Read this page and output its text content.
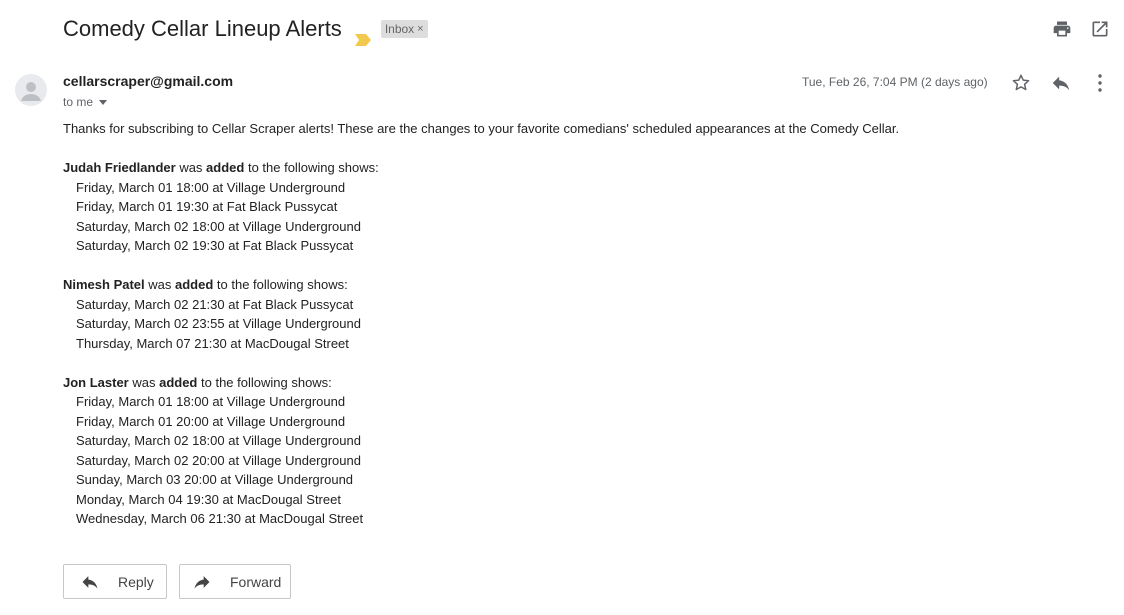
Comedy Cellar Lineup Alerts	Inbox ×
cellarscraper@gmail.com
to me
Tue, Feb 26, 7:04 PM (2 days ago)

Thanks for subscribing to Cellar Scraper alerts! These are the changes to your favorite comedians' scheduled appearances at the Comedy Cellar.

Judah Friedlander was added to the following shows:

Friday, March 01 18:00 at Village Underground

Friday, March 01 19:30 at Fat Black Pussycat

Saturday, March 02 18:00 at Village Underground

Saturday, March 02 19:30 at Fat Black Pussycat

Nimesh Patel was added to the following shows:

Saturday, March 02 21:30 at Fat Black Pussycat

Saturday, March 02 23:55 at Village Underground

Thursday, March 07 21:30 at MacDougal Street

Jon Laster was added to the following shows:

Friday, March 01 18:00 at Village Underground

Friday, March 01 20:00 at Village Underground

Saturday, March 02 18:00 at Village Underground

Saturday, March 02 20:00 at Village Underground

Sunday, March 03 20:00 at Village Underground

Monday, March 04 19:30 at MacDougal Street

Wednesday, March 06 21:30 at MacDougal Street

Reply	Forward
